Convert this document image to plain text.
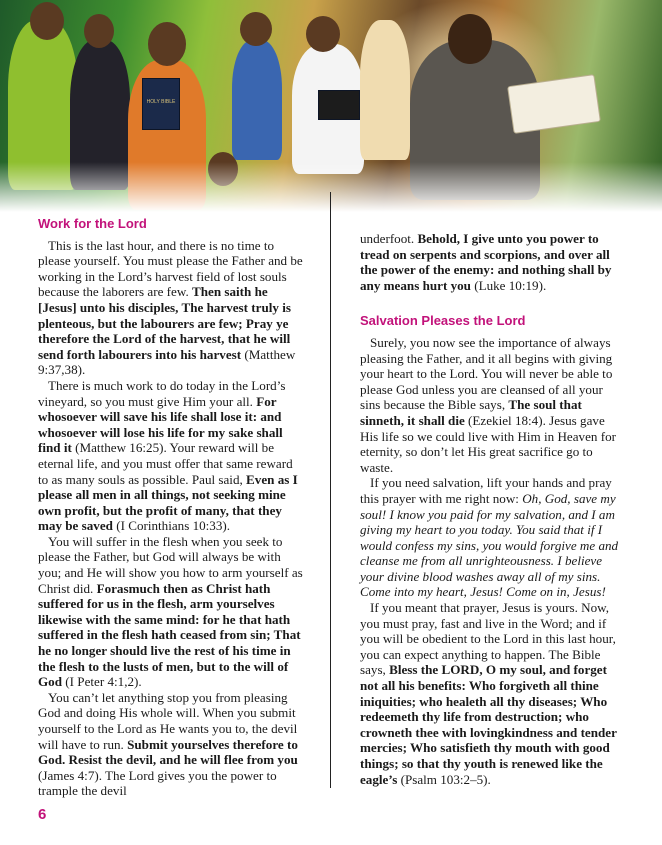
HOLY BIBLE
Work for the Lord

This is the last hour, and there is no time to please yourself. You must please the Father and be working in the Lord’s harvest field of lost souls because the laborers are few. Then saith he [Jesus] unto his disciples, The harvest truly is plenteous, but the labourers are few; Pray ye therefore the Lord of the harvest, that he will send forth labourers into his harvest (Matthew 9:37,38).

There is much work to do today in the Lord’s vineyard, so you must give Him your all. For whosoever will save his life shall lose it: and whosoever will lose his life for my sake shall find it (Matthew 16:25). Your reward will be eternal life, and you must offer that same reward to as many souls as possible. Paul said, Even as I please all men in all things, not seeking mine own profit, but the profit of many, that they may be saved (I Corinthians 10:33).

You will suffer in the flesh when you seek to please the Father, but God will always be with you; and He will show you how to arm yourself as Christ did. Forasmuch then as Christ hath suffered for us in the flesh, arm yourselves likewise with the same mind: for he that hath suffered in the flesh hath ceased from sin; That he no longer should live the rest of his time in the flesh to the lusts of men, but to the will of God (I Peter 4:1,2).

You can’t let anything stop you from pleasing God and doing His whole will. When you submit yourself to the Lord as He wants you to, the devil will have to run. Submit yourselves therefore to God. Resist the devil, and he will flee from you (James 4:7). The Lord gives you the power to trample the devil

underfoot. Behold, I give unto you power to tread on serpents and scorpions, and over all the power of the enemy: and nothing shall by any means hurt you (Luke 10:19).

Salvation Pleases the Lord

Surely, you now see the importance of always pleasing the Father, and it all begins with giving your heart to the Lord. You will never be able to please God unless you are cleansed of all your sins because the Bible says, The soul that sinneth, it shall die (Ezekiel 18:4). Jesus gave His life so we could live with Him in Heaven for eternity, so don’t let His great sacrifice go to waste.

If you need salvation, lift your hands and pray this prayer with me right now: Oh, God, save my soul! I know you paid for my salvation, and I am giving my heart to you today. You said that if I would confess my sins, you would forgive me and cleanse me from all unrighteousness. I believe your divine blood washes away all of my sins. Come into my heart, Jesus! Come on in, Jesus!

If you meant that prayer, Jesus is yours. Now, you must pray, fast and live in the Word; and if you will be obedient to the Lord in this last hour, you can expect anything to happen. The Bible says, Bless the LORD, O my soul, and forget not all his benefits: Who forgiveth all thine iniquities; who healeth all thy diseases; Who redeemeth thy life from destruction; who crowneth thee with lovingkindness and tender mercies; Who satisfieth thy mouth with good things; so that thy youth is renewed like the eagle’s (Psalm 103:2–5).

6
